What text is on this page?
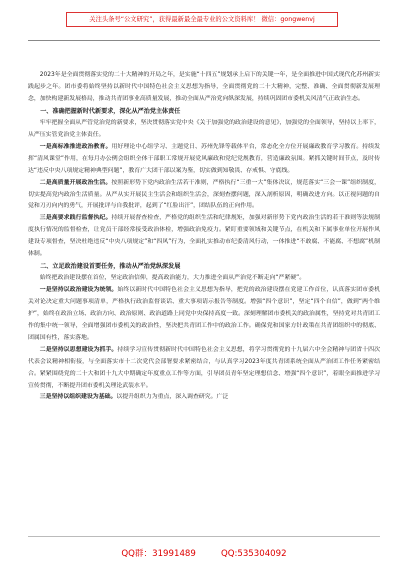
关注头条号“公文研究”，获得最新最全最专业的公文资料库！ 微信：gongwenvj

2023年是全面贯彻落实党的二十大精神的开局之年，是实施“十四五”规划承上启下的关键一年，是全面推进中国式现代化苏州新实践起步之年。团市委将始终坚持以新时代中国特色社会主义思想为指导，全面贯彻党的二十大精神，完整、准确、全面贯彻新发展理念，加快构建新发展格局，推动共青团事业高质量发展，推动全面从严治党向纵深发展，持续巩固团市委机关风清气正政治生态。

一、准确把握新时代新要求，深化从严治党主体责任

牢牢把握全面从严管党治党的新要求，坚决贯彻落实党中央《关于加强党的政治建设的意见》，加强党的全面领导，坚持以上率下，从严压实管党治党主体责任。

一是高标准推进政治教育。用好理论中心组学习、主题党日、苏州先锋等载体平台，常态化全方位开展廉政教育学习教育。持续发挥“清风课堂”作用，在每月办公例会组织全体干部职工常规开展党风廉政和党纪党规教育，营造廉政氛围。紧抓关键时间节点，及时传达“违反中央八项规定精神典型问题”，教育广大团干部以案为鉴，切实做到知敬畏、存戒惧、守底线。

二是高质量开展政治生活。按照新形势下党内政治生活若干准则，严格执行“三重一大”集体决议，规范落实“三会一课”组织制度，切实提高党内政治生活质量。从严从实开展民主生活会和组织生活会，深刻查摆问题，深入剖析原因，明确改进方向。以正视问题的自觉和刀刃向内的勇气，开展批评与自我批评，起到了“红脸出汗”，团结队伍的正向作用。

三是高要求践行监督执纪。持续开展督查检查，严格党的组织生活和纪律规矩，加强对新形势下党内政治生活的若干准则等法规制度执行情况的监督检查，让党员干部经常接受政治体检，增强政治免疫力。紧盯重要领域和关键节点，在机关和下属事业单位开展作风建设专项督查，坚决杜绝违反“中央八项规定”和“四风”行为，全面扎实推动市纪委清风行动，一体推进“不敢腐、不能腐、不想腐”机制体制。

二、立足政治建设首要任务，推动从严治党纵深发展

始终把政治建设摆在首位，坚定政治信仰，提高政治能力，大力推进全面从严治党不断走向“严紧硬”。

一是坚持以政治建设为统领。始终以新时代中国特色社会主义思想为指导，把党的政治建设摆在党建工作首位，认真落实团市委机关对论决定重大问题事项清单，严格执行政治监督谈话、重大事项请示报告等制度。增强“四个意识”，坚定“四个自信”，做到“两个维护”，始终在政治立场、政治方向、政治原则、政治道路上同党中央保持高度一致。深刻理解团市委机关的政治属性，坚持党对共青团工作的集中统一领导，全面增强团市委机关的政治性，坚决把共青团工作中的政治工作。确保党和国家方针政策在共青团组织中的彻底、团属国有性，落实落地。

二是坚持以思想建设为抓手。持续学习宣传贯彻新时代中国特色社会主义思想，将学习贯彻党的十九届六中全会精神与团省十四次代表会议精神相衔接，与全面落实市十二次党代会部署要求紧密结合，与认真学习2023年度共青团系统全面从严治团工作任务紧密结合。紧紧围绕党的二十大和团十九大中期确定年度重点工作等方面，引导团员青年坚定理想信念、增强“四个意识”，着眼全面推进学习宣传贯彻，不断提升团市委机关理论武装水平。

三是坚持以组织建设为基础。以提升组织力为重点，深入调查研究。广泛

QQ群：31991489	QQ:535304092
